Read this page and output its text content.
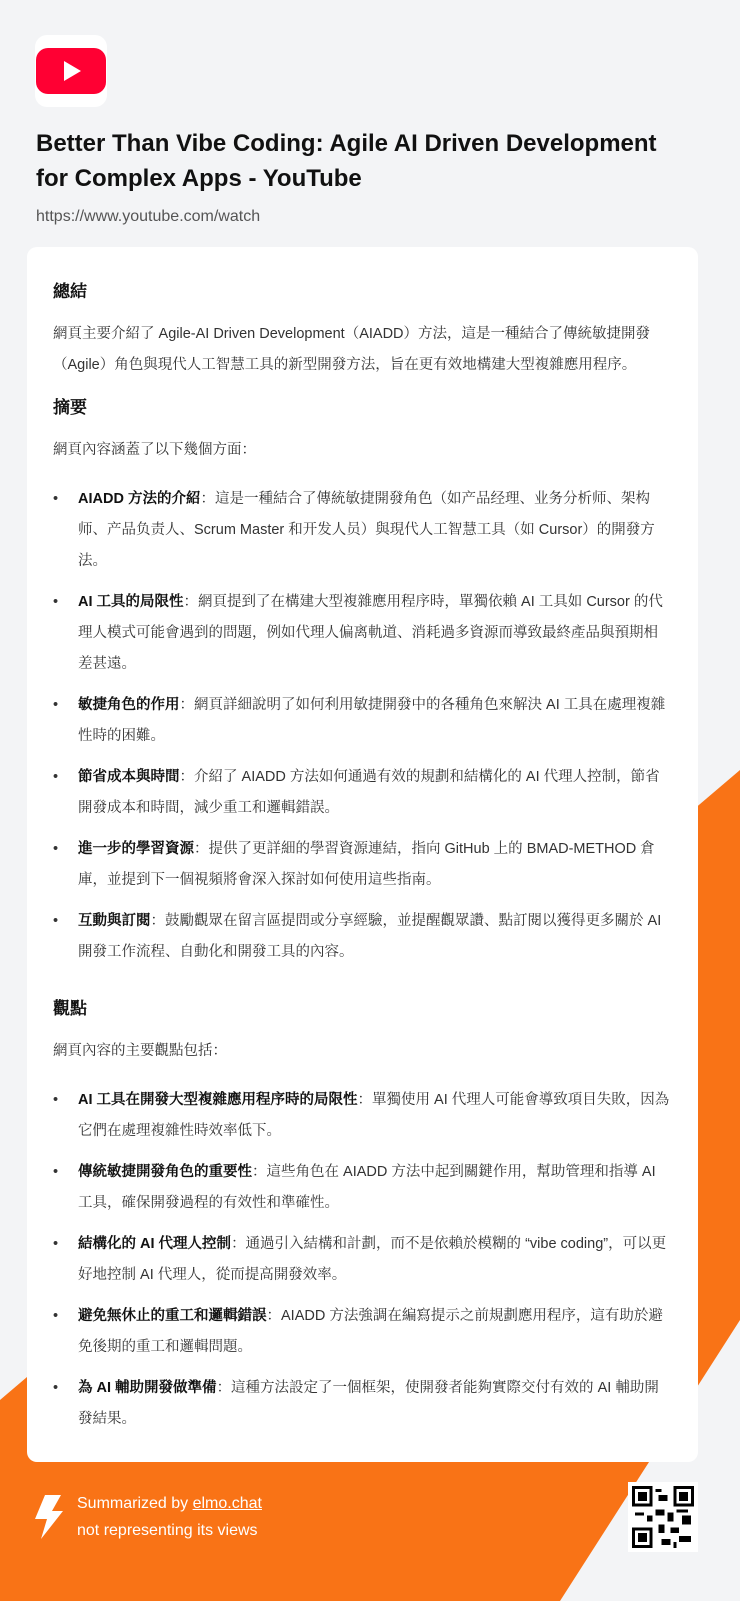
Better Than Vibe Coding: Agile AI Driven Development for Complex Apps - YouTube
https://www.youtube.com/watch
總結

網頁主要介紹了 Agile-AI Driven Development（AIADD）方法，這是一種結合了傳統敏捷開發（Agile）角色與現代人工智慧工具的新型開發方法，旨在更有效地構建大型複雜應用程序。

摘要

網頁內容涵蓋了以下幾個方面：

• AIADD 方法的介紹：這是一種結合了傳統敏捷開發角色（如产品经理、业务分析师、架构师、产品负责人、Scrum Master 和开发人员）與現代人工智慧工具（如 Cursor）的開發方法。
• AI 工具的局限性：網頁提到了在構建大型複雜應用程序時，單獨依賴 AI 工具如 Cursor 的代理人模式可能會遇到的問題，例如代理人偏离軌道、消耗過多資源而導致最終產品與預期相差甚遠。
• 敏捷角色的作用：網頁詳細說明了如何利用敏捷開發中的各種角色來解決 AI 工具在處理複雜性時的困難。
• 節省成本與時間：介紹了 AIADD 方法如何通過有效的規劃和結構化的 AI 代理人控制，節省開發成本和時間，減少重工和邏輯錯誤。
• 進一步的學習資源：提供了更詳細的學習資源連結，指向 GitHub 上的 BMAD-METHOD 倉庫，並提到下一個視頻將會深入探討如何使用這些指南。
• 互動與訂閱：鼓勵觀眾在留言區提問或分享經驗，並提醒觀眾讚、點訂閱以獲得更多關於 AI 開發工作流程、自動化和開發工具的內容。
觀點

網頁內容的主要觀點包括：

• AI 工具在開發大型複雜應用程序時的局限性：單獨使用 AI 代理人可能會導致項目失敗，因為它們在處理複雜性時效率低下。
• 傳統敏捷開發角色的重要性：這些角色在 AIADD 方法中起到關鍵作用，幫助管理和指導 AI 工具，確保開發過程的有效性和準確性。
• 結構化的 AI 代理人控制：通過引入結構和計劃，而不是依賴於模糊的 “vibe coding”，可以更好地控制 AI 代理人，從而提高開發效率。
• 避免無休止的重工和邏輯錯誤：AIADD 方法強調在編寫提示之前規劃應用程序，這有助於避免後期的重工和邏輯問題。
• 為 AI 輔助開發做準備：這種方法設定了一個框架，使開發者能夠實際交付有效的 AI 輔助開發結果。
Summarized by elmo.chat
not representing its views
